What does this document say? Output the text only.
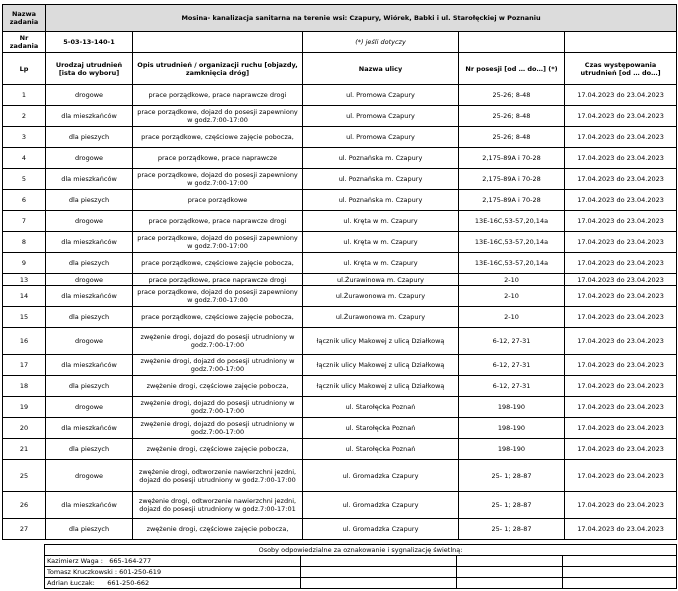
Nazwa zadania	Mosina- kanalizacja sanitarna na terenie wsi: Czapury, Wiórek, Babki i ul. Starołęckiej w Poznaniu				
Nr zadania	5-03-13-140-1		(*) jeśli dotyczy		
Lp	Urodzaj utrudnień [ista do wyboru]	Opis utrudnień / organizacji ruchu [objazdy, zamknięcia dróg]	Nazwa ulicy	Nr posesji [od … do…] (*)	Czas występowania utrudnień [od … do…]
1	drogowe	prace porządkowe, prace naprawcze drogi	ul. Promowa Czapury	25-26; 8-48	17.04.2023 do 23.04.2023
2	dla mieszkańców	prace porządkowe, dojazd do posesji zapewniony w godz.7:00-17:00	ul. Promowa Czapury	25-26; 8-48	17.04.2023 do 23.04.2023
3	dla pieszych	prace porządkowe, częściowe zajęcie pobocza,	ul. Promowa Czapury	25-26; 8-48	17.04.2023 do 23.04.2023
4	drogowe	prace porządkowe, prace naprawcze	ul. Poznańska m. Czapury	2,175-89A i 70-28	17.04.2023 do 23.04.2023
5	dla mieszkańców	prace porządkowe, dojazd do posesji zapewniony w godz.7:00-17:00	ul. Poznańska m. Czapury	2,175-89A i 70-28	17.04.2023 do 23.04.2023
6	dla pieszych	prace porządkowe	ul. Poznańska m. Czapury	2,175-89A i 70-28	17.04.2023 do 23.04.2023
7	drogowe	prace porządkowe, prace naprawcze drogi	ul. Kręta w m. Czapury	13E-16C,53-57,20,14a	17.04.2023 do 23.04.2023
8	dla mieszkańców	prace porządkowe, dojazd do posesji zapewniony w godz.7:00-17:00	ul. Kręta w m. Czapury	13E-16C,53-57,20,14a	17.04.2023 do 23.04.2023
9	dla pieszych	prace porządkowe, częściowe zajęcie pobocza,	ul. Kręta w m. Czapury	13E-16C,53-57,20,14a	17.04.2023 do 23.04.2023
13	drogowe	prace porządkowe, prace naprawcze drogi	ul.Żurawinowa m. Czapury	2-10	17.04.2023 do 23.04.2023
14	dla mieszkańców	prace porządkowe, dojazd do posesji zapewniony w godz.7:00-17:00	ul.Żurawonowa m. Czapury	2-10	17.04.2023 do 23.04.2023
15	dla pieszych	prace porządkowe, częściowe zajęcie pobocza,	ul.Żurawonowa m. Czapury	2-10	17.04.2023 do 23.04.2023
16	drogowe	zwężenie drogi, dojazd do posesji utrudniony w godz.7:00-17:00	łącznik ulicy Makowej z ulicą Działkową	6-12, 27-31	17.04.2023 do 23.04.2023
17	dla mieszkańców	zwężenie drogi, dojazd do posesji utrudniony w godz.7:00-17:00	łącznik ulicy Makowej z ulicą Działkową	6-12, 27-31	17.04.2023 do 23.04.2023
18	dla pieszych	zwężenie drogi, częściowe zajęcie pobocza,	łącznik ulicy Makowej z ulicą Działkową	6-12, 27-31	17.04.2023 do 23.04.2023
19	drogowe	zwężenie drogi, dojazd do posesji utrudniony w godz.7:00-17:00	ul. Starołęcka Poznań	198-190	17.04.2023 do 23.04.2023
20	dla mieszkańców	zwężenie drogi, dojazd do posesji utrudniony w godz.7:00-17:00	ul. Starołęcka Poznań	198-190	17.04.2023 do 23.04.2023
21	dla pieszych	zwężenie drogi, częściowe zajęcie pobocza,	ul. Starołęcka Poznań	198-190	17.04.2023 do 23.04.2023
25	drogowe	zwężenie drogi, odtworzenie nawierzchni jezdni, dojazd do posesji utrudniony w godz.7:00-17:00	ul. Gromadzka Czapury	25- 1; 28-87	17.04.2023 do 23.04.2023
26	dla mieszkańców	zwężenie drogi, odtworzenie nawierzchni jezdni, dojazd do posesji utrudniony w godz.7:00-17:01	ul. Gromadzka Czapury	25- 1; 28-87	17.04.2023 do 23.04.2023
27	dla pieszych	zwężenie drogi, częściowe zajęcie pobocza,	ul. Gromadzka Czapury	25- 1; 28-87	17.04.2023 do 23.04.2023
Osoby odpowiedzialne za oznakowanie i sygnalizację świetlną:			
Kazimierz Waga : 665-164-277			
Tomasz Kruczkowski : 601-250-619			
Adrian Łuczak: 661-250-662			
